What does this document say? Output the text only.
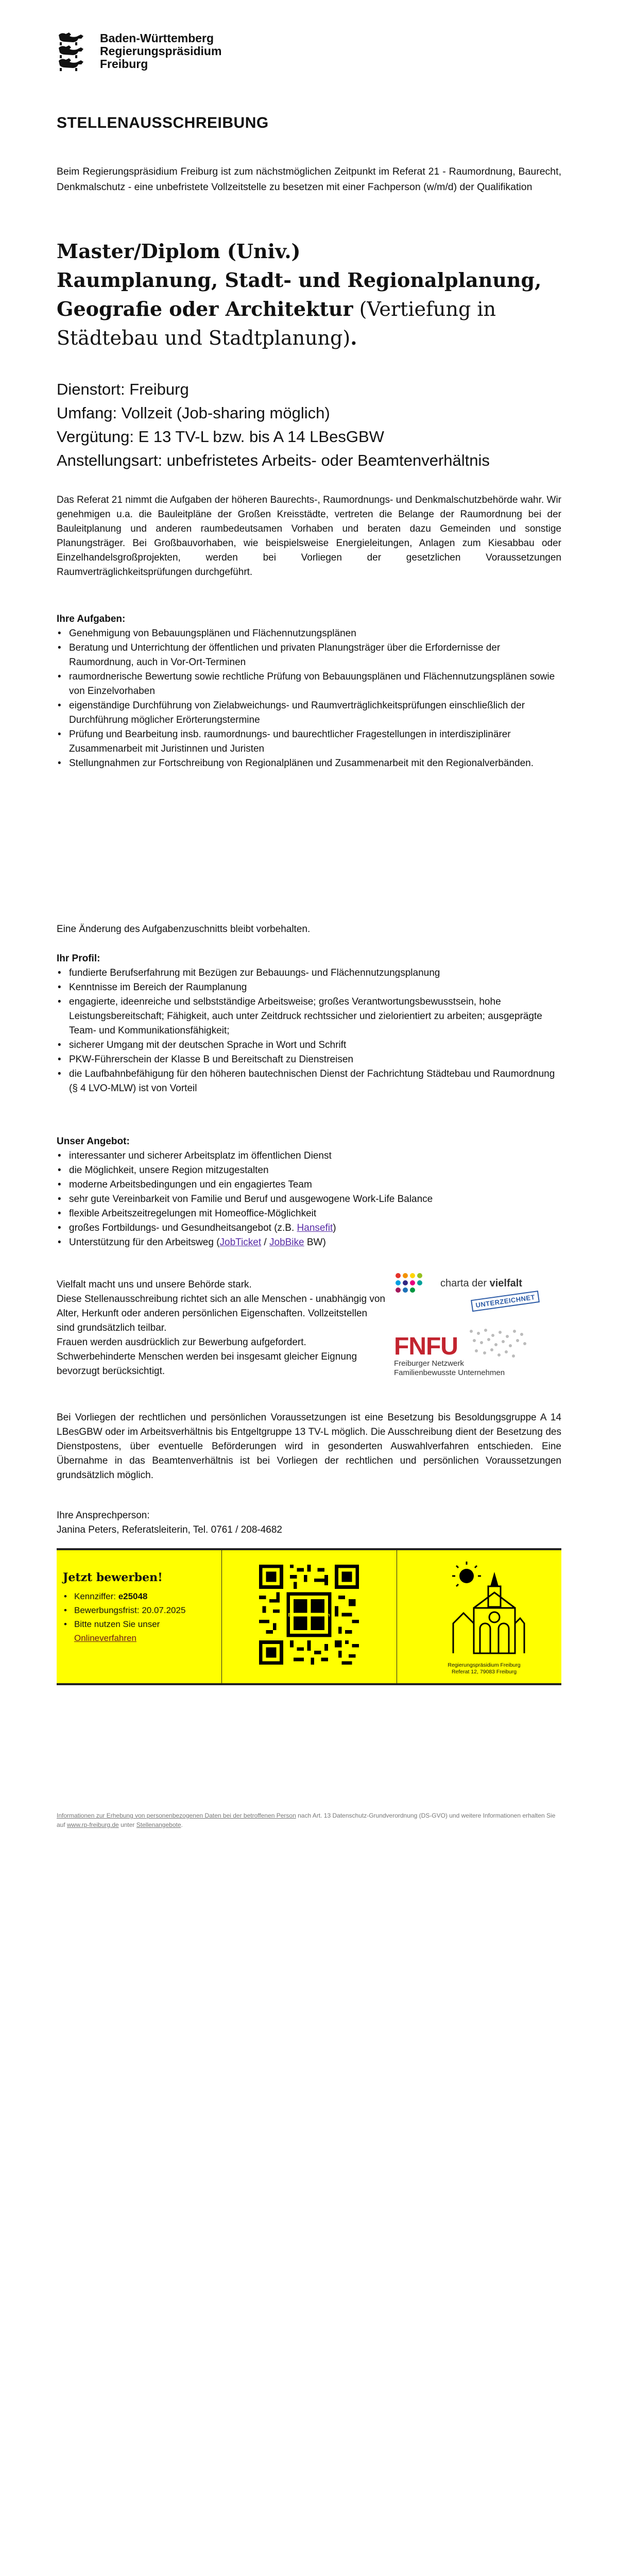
Baden-Württemberg
Regierungspräsidium
Freiburg
STELLENAUSSCHREIBUNG
Beim Regierungspräsidium Freiburg ist zum nächstmöglichen Zeitpunkt im Referat 21 - Raumordnung, Baurecht, Denkmalschutz - eine unbefristete Vollzeitstelle zu besetzen mit einer Fachperson (w/m/d) der Qualifikation
Master/Diplom (Univ.)
Raumplanung, Stadt- und Regionalplanung, Geografie oder Architektur (Vertiefung in Städtebau und Stadtplanung).
Dienstort: Freiburg
Umfang: Vollzeit (Job-sharing möglich)
Vergütung: E 13 TV-L bzw. bis A 14 LBesGBW
Anstellungsart: unbefristetes Arbeits- oder Beamtenverhältnis
Das Referat 21 nimmt die Aufgaben der höheren Baurechts-, Raumordnungs- und Denkmalschutzbehörde wahr. Wir genehmigen u.a. die Bauleitpläne der Großen Kreisstädte, vertreten die Belange der Raumordnung bei der Bauleitplanung und anderen raumbedeutsamen Vorhaben und beraten dazu Gemeinden und sonstige Planungsträger. Bei Großbauvorhaben, wie beispielsweise Energieleitungen, Anlagen zum Kiesabbau oder Einzelhandelsgroßprojekten, werden bei Vorliegen der gesetzlichen Voraussetzungen Raumverträglichkeitsprüfungen durchgeführt.
Ihre Aufgaben:
• Genehmigung von Bebauungsplänen und Flächennutzungsplänen
• Beratung und Unterrichtung der öffentlichen und privaten Planungsträger über die Erfordernisse der Raumordnung, auch in Vor-Ort-Terminen
• raumordnerische Bewertung sowie rechtliche Prüfung von Bebauungsplänen und Flächennutzungsplänen sowie von Einzelvorhaben
• eigenständige Durchführung von Zielabweichungs- und Raumverträglichkeitsprüfungen einschließlich der Durchführung möglicher Erörterungstermine
• Prüfung und Bearbeitung insb. raumordnungs- und baurechtlicher Fragestellungen in interdisziplinärer Zusammenarbeit mit Juristinnen und Juristen
• Stellungnahmen zur Fortschreibung von Regionalplänen und Zusammenarbeit mit den Regionalverbänden.
Eine Änderung des Aufgabenzuschnitts bleibt vorbehalten.
Ihr Profil:
• fundierte Berufserfahrung mit Bezügen zur Bebauungs- und Flächennutzungsplanung
• Kenntnisse im Bereich der Raumplanung
• engagierte, ideenreiche und selbstständige Arbeitsweise; großes Verantwortungsbewusstsein, hohe Leistungsbereitschaft; Fähigkeit, auch unter Zeitdruck rechtssicher und zielorientiert zu arbeiten; ausgeprägte Team- und Kommunikationsfähigkeit;
• sicherer Umgang mit der deutschen Sprache in Wort und Schrift
• PKW-Führerschein der Klasse B und Bereitschaft zu Dienstreisen
• die Laufbahnbefähigung für den höheren bautechnischen Dienst der Fachrichtung Städtebau und Raumordnung (§ 4 LVO-MLW) ist von Vorteil
Unser Angebot:
• interessanter und sicherer Arbeitsplatz im öffentlichen Dienst
• die Möglichkeit, unsere Region mitzugestalten
• moderne Arbeitsbedingungen und ein engagiertes Team
• sehr gute Vereinbarkeit von Familie und Beruf und ausgewogene Work-Life Balance
• flexible Arbeitszeitregelungen mit Homeoffice-Möglichkeit
• großes Fortbildungs- und Gesundheitsangebot (z.B. Hansefit)
• Unterstützung für den Arbeitsweg (JobTicket / JobBike BW)
Vielfalt macht uns und unsere Behörde stark.
Diese Stellenausschreibung richtet sich an alle Menschen - unabhängig von Alter, Herkunft oder anderen persönlichen Eigenschaften. Vollzeitstellen sind grundsätzlich teilbar.
Frauen werden ausdrücklich zur Bewerbung aufgefordert.
Schwerbehinderte Menschen werden bei insgesamt gleicher Eignung bevorzugt berücksichtigt.
charta der vielfalt
UNTERZEICHNET
FNFU
Freiburger Netzwerk
Familienbewusste Unternehmen
Bei Vorliegen der rechtlichen und persönlichen Voraussetzungen ist eine Besetzung bis Besoldungsgruppe A 14 LBesGBW oder im Arbeitsverhältnis bis Entgeltgruppe 13 TV-L möglich. Die Ausschreibung dient der Besetzung des Dienstpostens, über eventuelle Beförderungen wird in gesonderten Auswahlverfahren entschieden. Eine Übernahme in das Beamtenverhältnis ist bei Vorliegen der rechtlichen und persönlichen Voraussetzungen grundsätzlich möglich.
Ihre Ansprechperson:
Janina Peters, Referatsleiterin, Tel. 0761 / 208-4682
Jetzt bewerben!
• Kennziffer: e25048
• Bewerbungsfrist: 20.07.2025
• Bitte nutzen Sie unser
Onlineverfahren
Bitte hier scannen
Regierungspräsidium Freiburg
Referat 12, 79083 Freiburg
Informationen zur Erhebung von personenbezogenen Daten bei der betroffenen Person nach Art. 13 Datenschutz-Grundverordnung (DS-GVO) und weitere Informationen erhalten Sie auf www.rp-freiburg.de unter Stellenangebote.
